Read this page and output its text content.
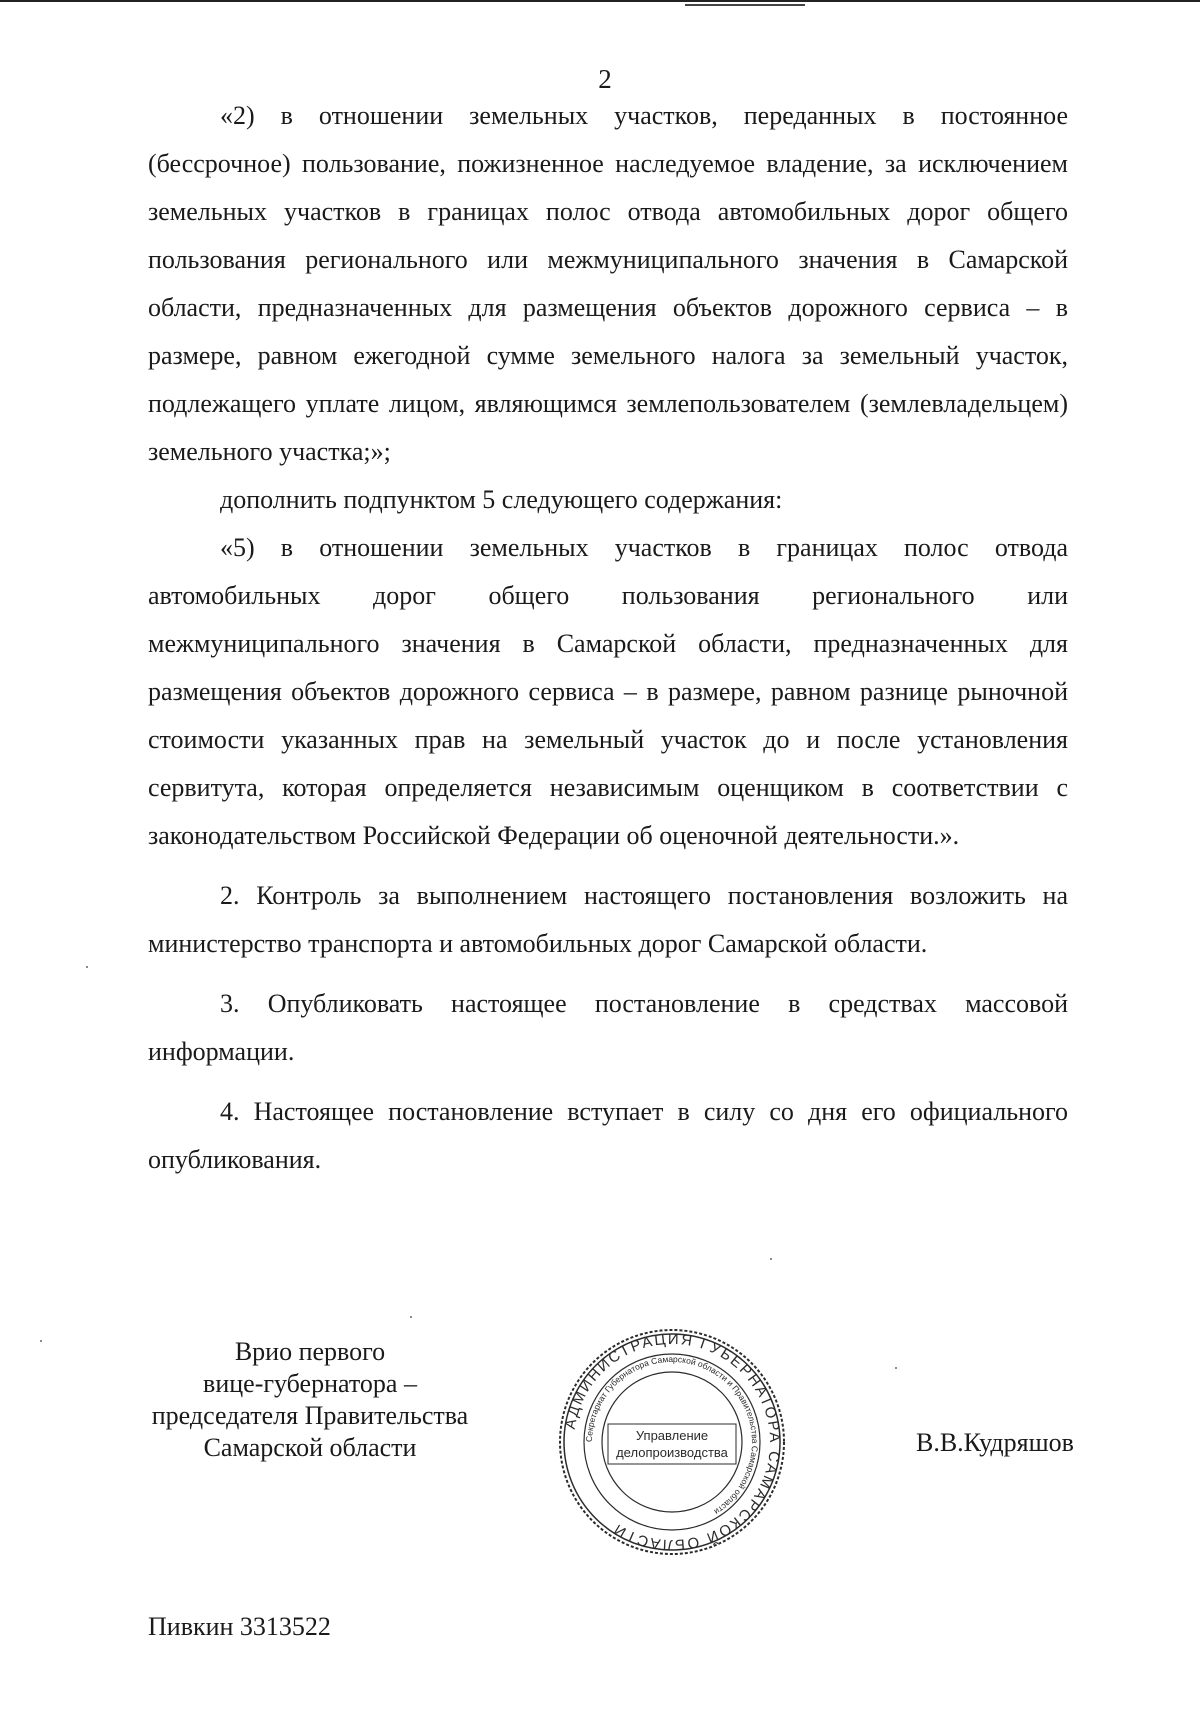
2

«2) в отношении земельных участков, переданных в постоянное (бессрочное) пользование, пожизненное наследуемое владение, за исключением земельных участков в границах полос отвода автомобильных дорог общего пользования регионального или межмуниципального значения в Самарской области, предназначенных для размещения объектов дорожного сервиса – в размере, равном ежегодной сумме земельного налога за земельный участок, подлежащего уплате лицом, являющимся землепользователем (землевладельцем) земельного участка;»;

дополнить подпунктом 5 следующего содержания:

«5) в отношении земельных участков в границах полос отвода автомобильных дорог общего пользования регионального или межмуниципального значения в Самарской области, предназначенных для размещения объектов дорожного сервиса – в размере, равном разнице рыночной стоимости указанных прав на земельный участок до и после установления сервитута, которая определяется независимым оценщиком в соответствии с законодательством Российской Федерации об оценочной деятельности.».

2. Контроль за выполнением настоящего постановления возложить на министерство транспорта и автомобильных дорог Самарской области.

3. Опубликовать настоящее постановление в средствах массовой информации.

4. Настоящее постановление вступает в силу со дня его официального опубликования.

Врио первого
вице-губернатора –
председателя Правительства
Самарской области
АДМИНИСТРАЦИЯ ГУБЕРНАТОРА САМАРСКОЙ ОБЛАСТИ
Секретариат Губернатора Самарской области и Правительства Самарской области
Управление
делопроизводства	В.В.Кудряшов
Пивкин 3313522
